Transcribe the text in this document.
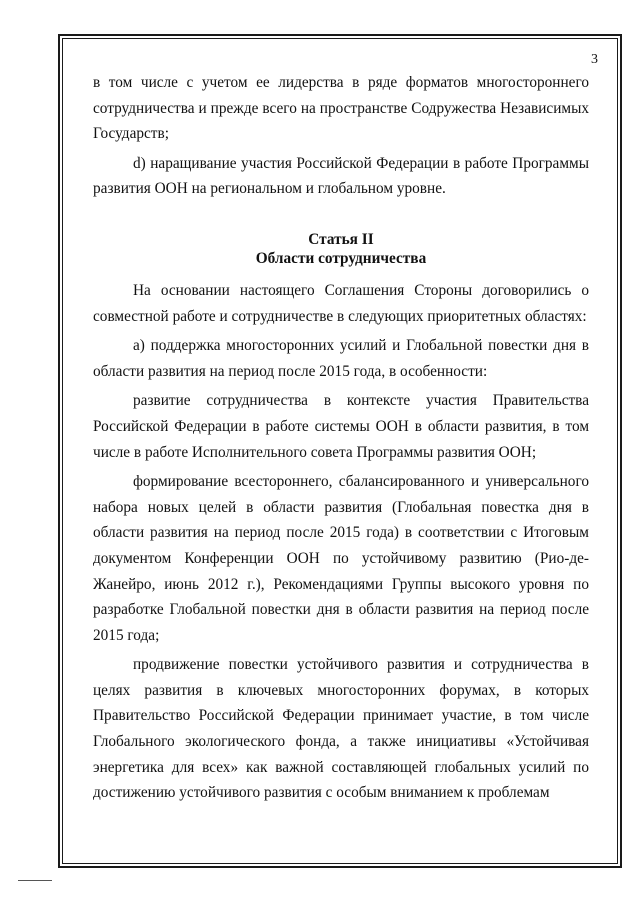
3

в том числе с учетом ее лидерства в ряде форматов многостороннего сотрудничества и прежде всего на пространстве Содружества Независимых Государств;

d) наращивание участия Российской Федерации в работе Программы развития ООН на региональном и глобальном уровне.

Статья II
Области сотрудничества

На основании настоящего Соглашения Стороны договорились о совместной работе и сотрудничестве в следующих приоритетных областях:

a) поддержка многосторонних усилий и Глобальной повестки дня в области развития на период после 2015 года, в особенности:

развитие сотрудничества в контексте участия Правительства Российской Федерации в работе системы ООН в области развития, в том числе в работе Исполнительного совета Программы развития ООН;

формирование всестороннего, сбалансированного и универсального набора новых целей в области развития (Глобальная повестка дня в области развития на период после 2015 года) в соответствии с Итоговым документом Конференции ООН по устойчивому развитию (Рио-де-Жанейро, июнь 2012 г.), Рекомендациями Группы высокого уровня по разработке Глобальной повестки дня в области развития на период после 2015 года;

продвижение повестки устойчивого развития и сотрудничества в целях развития в ключевых многосторонних форумах, в которых Правительство Российской Федерации принимает участие, в том числе Глобального экологического фонда, а также инициативы «Устойчивая энергетика для всех» как важной составляющей глобальных усилий по достижению устойчивого развития с особым вниманием к проблемам
